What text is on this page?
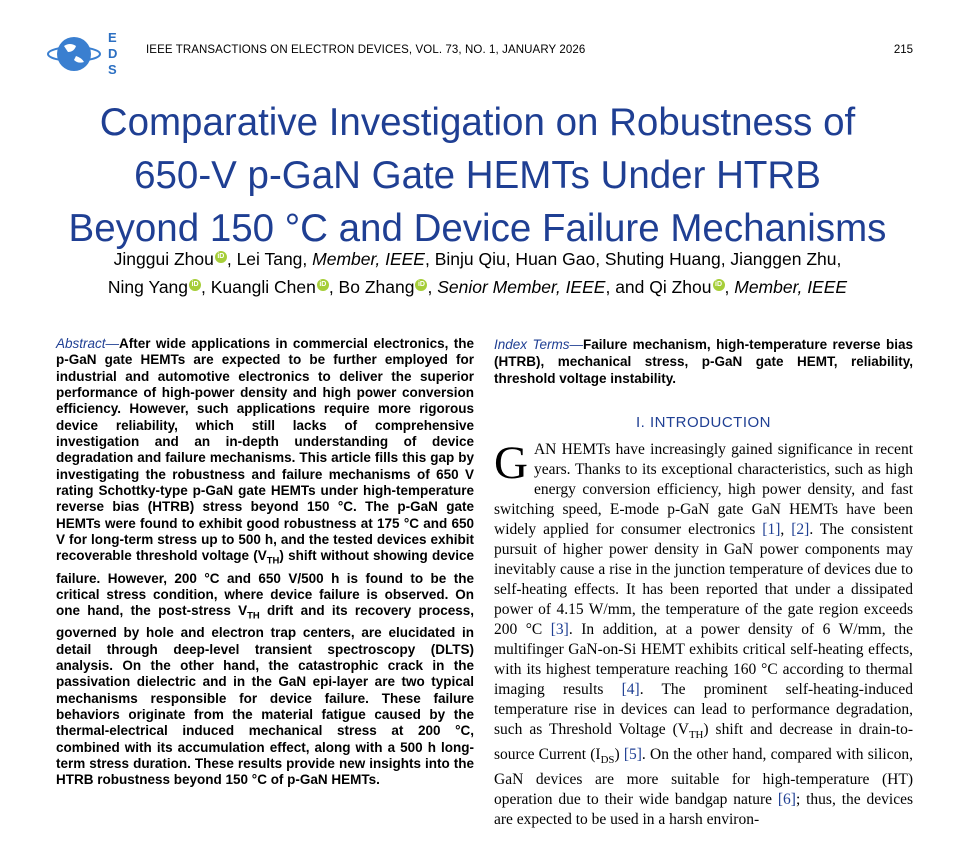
E
D
S
IEEE TRANSACTIONS ON ELECTRON DEVICES, VOL. 73, NO. 1, JANUARY 2026	215
Comparative Investigation on Robustness of
650-V p-GaN Gate HEMTs Under HTRB
Beyond 150 °C and Device Failure Mechanisms
Jinggui Zhou iD , Lei Tang, Member, IEEE, Binju Qiu, Huan Gao, Shuting Huang, Jianggen Zhu,
Ning Yang iD , Kuangli Chen iD , Bo Zhang iD , Senior Member, IEEE, and Qi Zhou iD , Member, IEEE
Abstract—After wide applications in commercial electronics, the p-GaN gate HEMTs are expected to be further employed for industrial and automotive electronics to deliver the superior performance of high-power density and high power conversion efficiency. However, such applications require more rigorous device reliability, which still lacks of comprehensive investigation and an in-depth understanding of device degradation and failure mechanisms. This article fills this gap by investigating the robustness and failure mechanisms of 650 V rating Schottky-type p-GaN gate HEMTs under high-temperature reverse bias (HTRB) stress beyond 150 °C. The p-GaN gate HEMTs were found to exhibit good robustness at 175 °C and 650 V for long-term stress up to 500 h, and the tested devices exhibit recoverable threshold voltage $(V_{TH})$ shift without showing device failure. However, 200 °C and 650 V/500 h is found to be the critical stress condition, where device failure is observed. On one hand, the post-stress $V_{TH}$ drift and its recovery process, governed by hole and electron trap centers, are elucidated in detail through deep-level transient spectroscopy (DLTS) analysis. On the other hand, the catastrophic crack in the passivation dielectric and in the GaN epi-layer are two typical mechanisms responsible for device failure. These failure behaviors originate from the material fatigue caused by the thermal-electrical induced mechanical stress at 200 °C, combined with its accumulation effect, along with a 500 h long-term stress duration. These results provide new insights into the HTRB robustness beyond 150 °C of p-GaN HEMTs.
Index Terms—Failure mechanism, high-temperature reverse bias (HTRB), mechanical stress, p-GaN gate HEMT, reliability, threshold voltage instability.
I. INTRODUCTION
GAN HEMTs have increasingly gained significance in recent years. Thanks to its exceptional characteristics, such as high energy conversion efficiency, high power density, and fast switching speed, E-mode p-GaN gate GaN HEMTs have been widely applied for consumer electronics [1], [2]. The consistent pursuit of higher power density in GaN power components may inevitably cause a rise in the junction temperature of devices due to self-heating effects. It has been reported that under a dissipated power of 4.15 W/mm, the temperature of the gate region exceeds 200 °C [3]. In addition, at a power density of 6 W/mm, the multifinger GaN-on-Si HEMT exhibits critical self-heating effects, with its highest temperature reaching 160 °C according to thermal imaging results [4]. The prominent self-heating-induced temperature rise in devices can lead to performance degradation, such as Threshold Voltage $(V_{TH})$ shift and decrease in drain-to-source Current $(I_{DS})$ [5]. On the other hand, compared with silicon, GaN devices are more suitable for high-temperature (HT) operation due to their wide bandgap nature [6]; thus, the devices are expected to be used in a harsh environ-
